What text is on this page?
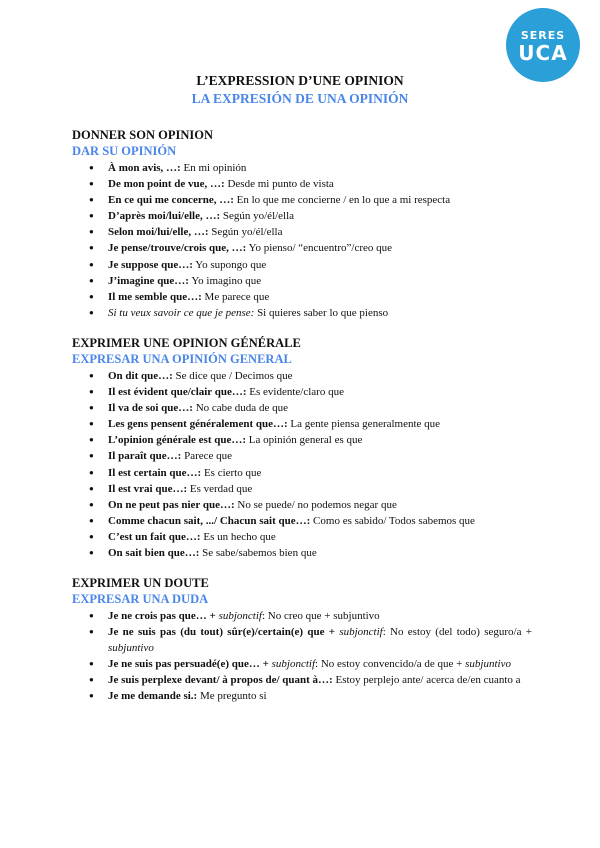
SERES
UCA
L’EXPRESSION D’UNE OPINION
LA EXPRESIÓN DE UNA OPINIÓN
DONNER SON OPINION
DAR SU OPINIÓN
● À mon avis, …: En mi opinión
● De mon point de vue, …: Desde mi punto de vista
● En ce qui me concerne, …: En lo que me concierne / en lo que a mi respecta
● D’après moi/lui/elle, …: Según yo/él/ella
● Selon moi/lui/elle, …: Según yo/él/ella
● Je pense/trouve/crois que, …: Yo pienso/ “encuentro”/creo que
● Je suppose que…: Yo supongo que
● J’imagine que…: Yo imagino que
● Il me semble que…: Me parece que
● Si tu veux savoir ce que je pense: Si quieres saber lo que pienso
EXPRIMER UNE OPINION GÉNÉRALE
EXPRESAR UNA OPINIÓN GENERAL
● On dit que…: Se dice que / Decimos que
● Il est évident que/clair que…: Es evidente/claro que
● Il va de soi que…: No cabe duda de que
● Les gens pensent généralement que…: La gente piensa generalmente que
● L’opinion générale est que…: La opinión general es que
● Il paraît que…: Parece que
● Il est certain que…: Es cierto que
● Il est vrai que…: Es verdad que
● On ne peut pas nier que…: No se puede/ no podemos negar que
● Comme chacun sait, .../ Chacun sait que…: Como es sabido/ Todos sabemos que
● C’est un fait que…: Es un hecho que
● On sait bien que…: Se sabe/sabemos bien que
EXPRIMER UN DOUTE
EXPRESAR UNA DUDA
● Je ne crois pas que… + subjonctif: No creo que + subjuntivo
● Je ne suis pas (du tout) sûr(e)/certain(e) que + subjonctif: No estoy (del todo) seguro/a + subjuntivo
● Je ne suis pas persuadé(e) que… + subjonctif: No estoy convencido/a de que + subjuntivo
● Je suis perplexe devant/ à propos de/ quant à…: Estoy perplejo ante/ acerca de/en cuanto a
● Je me demande si.: Me pregunto si
